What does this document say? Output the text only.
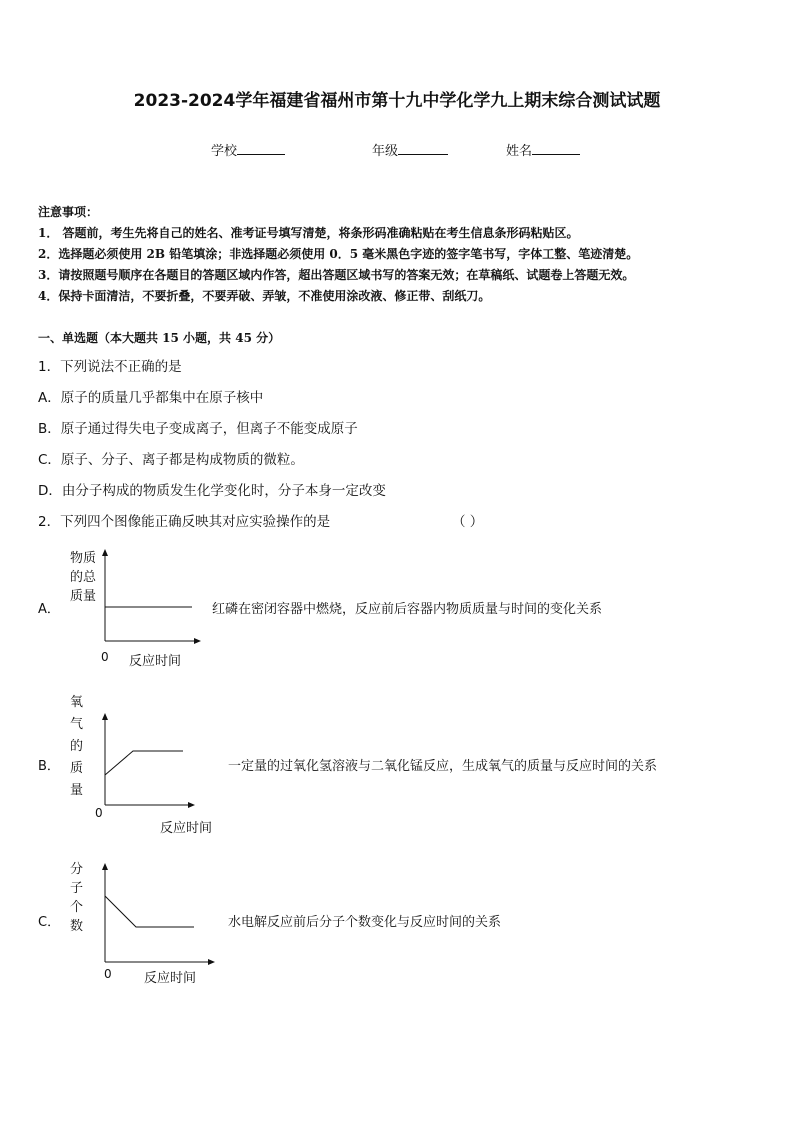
2023-2024学年福建省福州市第十九中学化学九上期末综合测试试题
学校	年级	姓名
注意事项：
1． 答题前，考生先将自己的姓名、准考证号填写清楚，将条形码准确粘贴在考生信息条形码粘贴区。
2．选择题必须使用 2B 铅笔填涂；非选择题必须使用 0．5 毫米黑色字迹的签字笔书写，字体工整、笔迹清楚。
3．请按照题号顺序在各题目的答题区域内作答，超出答题区域书写的答案无效；在草稿纸、试题卷上答题无效。
4．保持卡面清洁，不要折叠，不要弄破、弄皱，不准使用涂改液、修正带、刮纸刀。
一、单选题（本大题共 15 小题，共 45 分）
1．下列说法不正确的是
A．原子的质量几乎都集中在原子核中
B．原子通过得失电子变成离子，但离子不能变成原子
C．原子、分子、离子都是构成物质的微粒。
D．由分子构成的物质发生化学变化时，分子本身一定改变
2．下列四个图像能正确反映其对应实验操作的是	（ ）
A．
物质
的总
质量
0 反应时间
红磷在密闭容器中燃烧，反应前后容器内物质质量与时间的变化关系
B．
氧
气
的
质
量
0
反应时间
一定量的过氧化氢溶液与二氧化锰反应，生成氧气的质量与反应时间的关系
C．
分
子
个
数
0 反应时间
水电解反应前后分子个数变化与反应时间的关系
